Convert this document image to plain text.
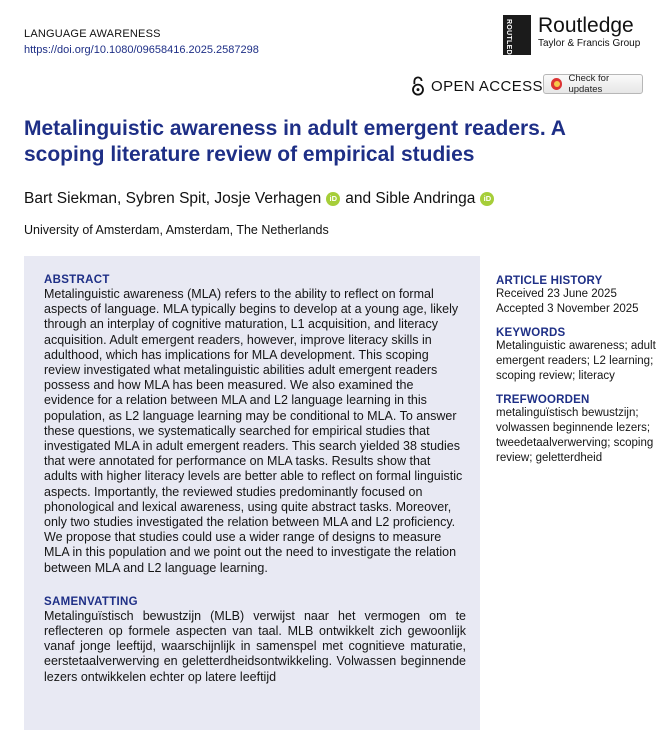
LANGUAGE AWARENESS
https://doi.org/10.1080/09658416.2025.2587298	ROUTLEDGE Routledge
Taylor & Francis Group
OPEN ACCESS	Check for updates
Metalinguistic awareness in adult emergent readers. A scoping literature review of empirical studies
Bart Siekman, Sybren Spit, Josje Verhagen	iD and Sible Andringa	iD
University of Amsterdam, Amsterdam, The Netherlands
ABSTRACT
Metalinguistic awareness (MLA) refers to the ability to reflect on formal aspects of language. MLA typically begins to develop at a young age, likely through an interplay of cognitive maturation, L1 acquisition, and literacy acquisition. Adult emergent readers, however, improve literacy skills in adulthood, which has implications for MLA development. This scoping review investigated what metalinguistic abilities adult emergent readers possess and how MLA has been measured. We also examined the evidence for a relation between MLA and L2 language learning in this population, as L2 language learning may be conditional to MLA. To answer these questions, we systematically searched for empirical studies that investigated MLA in adult emergent readers. This search yielded 38 studies that were annotated for performance on MLA tasks. Results show that adults with higher literacy levels are better able to reflect on formal linguistic aspects. Importantly, the reviewed studies predominantly focused on phonological and lexical awareness, using quite abstract tasks. Moreover, only two studies investigated the relation between MLA and L2 proficiency. We propose that studies could use a wider range of designs to measure MLA in this population and we point out the need to investigate the relation between MLA and L2 language learning.
SAMENVATTING
Metalinguïstisch bewustzijn (MLB) verwijst naar het vermogen om te reflecteren op formele aspecten van taal. MLB ontwikkelt zich gewoonlijk vanaf jonge leeftijd, waarschijnlijk in samenspel met cognitieve maturatie, eerstetaalverwerving en geletterdheidsontwikkeling. Volwassen beginnende lezers ontwikkelen echter op latere leeftijd
ARTICLE HISTORY
Received 23 June 2025
Accepted 3 November 2025
KEYWORDS
Metalinguistic awareness; adult emergent readers; L2 learning; scoping review; literacy
TREFWOORDEN
metalinguïstisch bewustzijn; volwassen beginnende lezers; tweedetaalverwerving; scoping review; geletterdheid
